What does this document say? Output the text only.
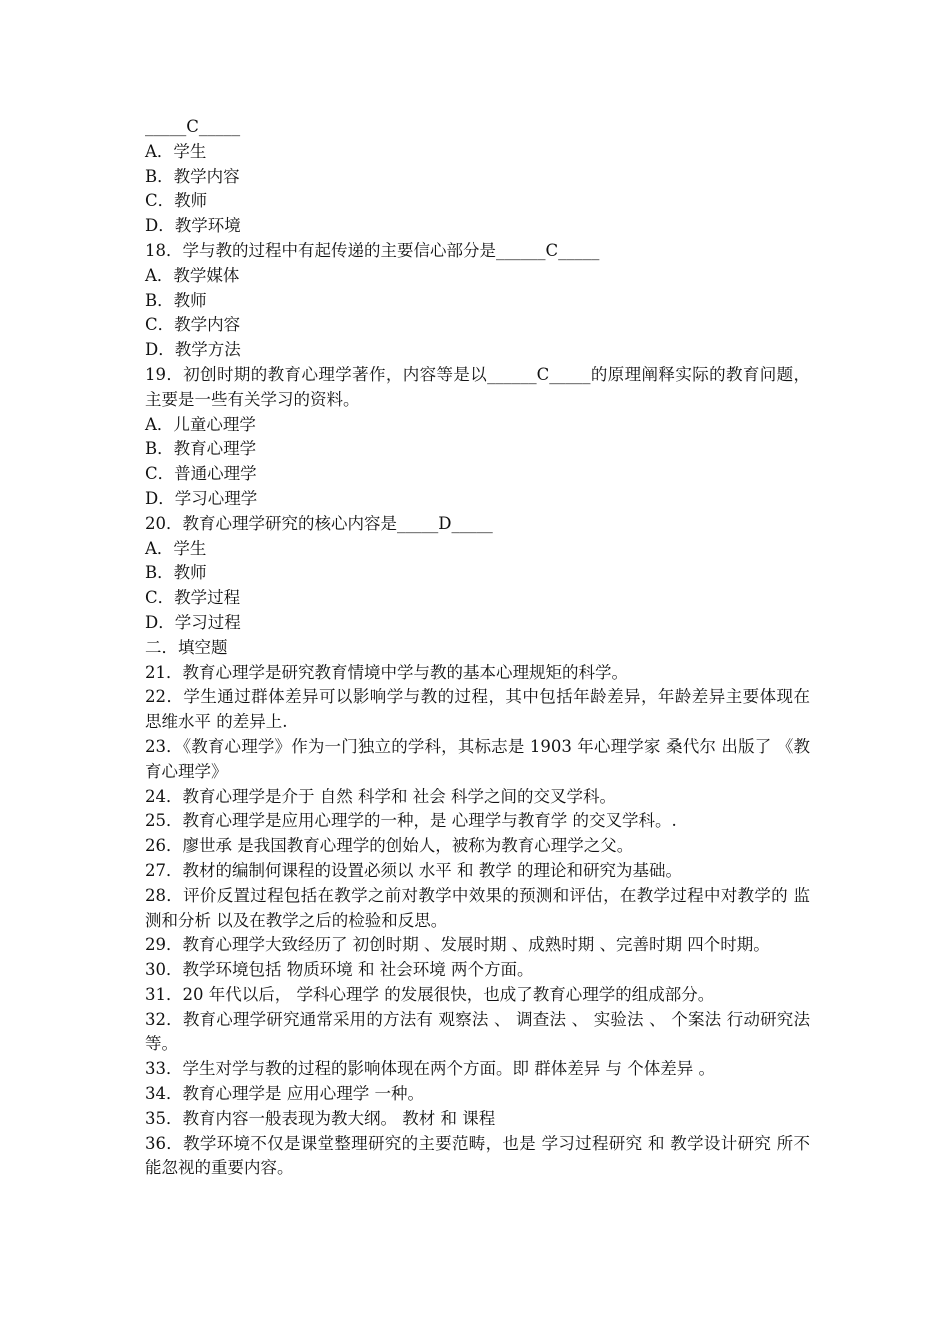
_____C_____

A．学生

B．教学内容

C．教师

D．教学环境

18．学与教的过程中有起传递的主要信心部分是______C_____

A．教学媒体

B．教师

C．教学内容

D．教学方法

19．初创时期的教育心理学著作，内容等是以______C_____的原理阐释实际的教育问题，主要是一些有关学习的资料。

A．儿童心理学

B．教育心理学

C．普通心理学

D．学习心理学

20．教育心理学研究的核心内容是_____D_____

A．学生

B．教师

C．教学过程

D．学习过程

二．填空题

21．教育心理学是研究教育情境中学与教的基本心理规矩的科学。

22．学生通过群体差异可以影响学与教的过程，其中包括年龄差异，年龄差异主要体现在 思维水平 的差异上.

23．《教育心理学》作为一门独立的学科，其标志是 1903 年心理学家 桑代尔 出版了 《教育心理学》

24．教育心理学是介于 自然 科学和 社会 科学之间的交叉学科。

25．教育心理学是应用心理学的一种，是 心理学与教育学 的交叉学科。.

26．廖世承 是我国教育心理学的创始人，被称为教育心理学之父。

27．教材的编制何课程的设置必须以 水平 和 教学 的理论和研究为基础。

28．评价反置过程包括在教学之前对教学中效果的预测和评估，在教学过程中对教学的 监测和分析 以及在教学之后的检验和反思。

29．教育心理学大致经历了 初创时期 、发展时期 、成熟时期 、完善时期 四个时期。

30．教学环境包括 物质环境 和 社会环境 两个方面。

31．20 年代以后， 学科心理学 的发展很快，也成了教育心理学的组成部分。

32．教育心理学研究通常采用的方法有 观察法 、 调查法 、 实验法 、 个案法 行动研究法等。

33．学生对学与教的过程的影响体现在两个方面。即 群体差异 与 个体差异 。

34．教育心理学是 应用心理学 一种。

35．教育内容一般表现为教大纲。 教材 和 课程

36．教学环境不仅是课堂整理研究的主要范畴，也是 学习过程研究 和 教学设计研究 所不能忽视的重要内容。
